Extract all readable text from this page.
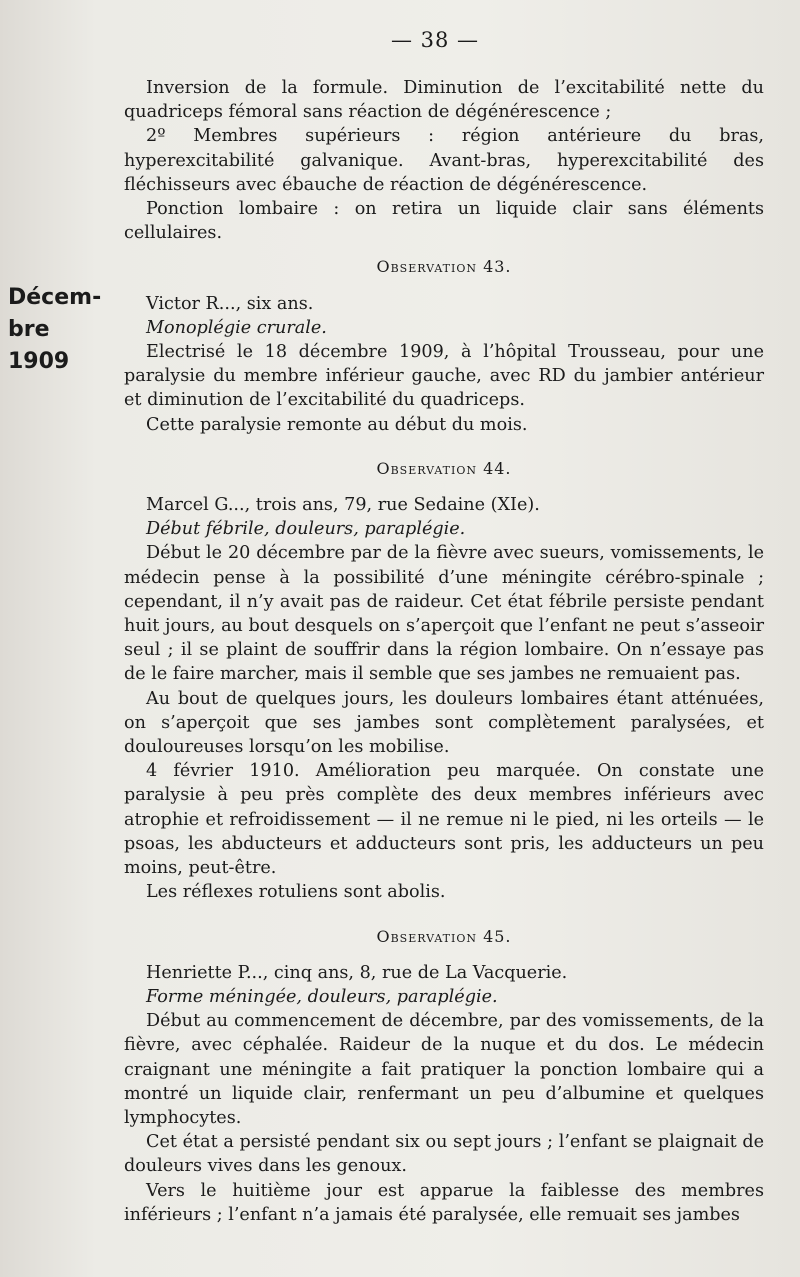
— 38 —
Décem-
bre 1909

Inversion de la formule. Diminution de l’excitabilité nette du quadriceps fémoral sans réaction de dégénérescence ;

2º Membres supérieurs : région antérieure du bras, hyperexcitabilité galvanique. Avant-bras, hyperexcitabilité des fléchisseurs avec ébauche de réaction de dégénérescence.

Ponction lombaire : on retira un liquide clair sans éléments cellulaires.

Observation 43.

Victor R..., six ans.

Monoplégie crurale.

Electrisé le 18 décembre 1909, à l’hôpital Trousseau, pour une paralysie du membre inférieur gauche, avec RD du jambier antérieur et diminution de l’excitabilité du quadriceps.

Cette paralysie remonte au début du mois.

Observation 44.

Marcel G..., trois ans, 79, rue Sedaine (XIe).

Début fébrile, douleurs, paraplégie.

Début le 20 décembre par de la fièvre avec sueurs, vomissements, le médecin pense à la possibilité d’une méningite cérébro-spinale ; cependant, il n’y avait pas de raideur. Cet état fébrile persiste pendant huit jours, au bout desquels on s’aperçoit que l’enfant ne peut s’asseoir seul ; il se plaint de souffrir dans la région lombaire. On n’essaye pas de le faire marcher, mais il semble que ses jambes ne remuaient pas.

Au bout de quelques jours, les douleurs lombaires étant atténuées, on s’aperçoit que ses jambes sont complètement paralysées, et douloureuses lorsqu’on les mobilise.

4 février 1910. Amélioration peu marquée. On constate une paralysie à peu près complète des deux membres inférieurs avec atrophie et refroidissement — il ne remue ni le pied, ni les orteils — le psoas, les abducteurs et adducteurs sont pris, les adducteurs un peu moins, peut-être.

Les réflexes rotuliens sont abolis.

Observation 45.

Henriette P..., cinq ans, 8, rue de La Vacquerie.

Forme méningée, douleurs, paraplégie.

Début au commencement de décembre, par des vomissements, de la fièvre, avec céphalée. Raideur de la nuque et du dos. Le médecin craignant une méningite a fait pratiquer la ponction lombaire qui a montré un liquide clair, renfermant un peu d’albumine et quelques lymphocytes.

Cet état a persisté pendant six ou sept jours ; l’enfant se plaignait de douleurs vives dans les genoux.

Vers le huitième jour est apparue la faiblesse des membres inférieurs ; l’enfant n’a jamais été paralysée, elle remuait ses jambes
